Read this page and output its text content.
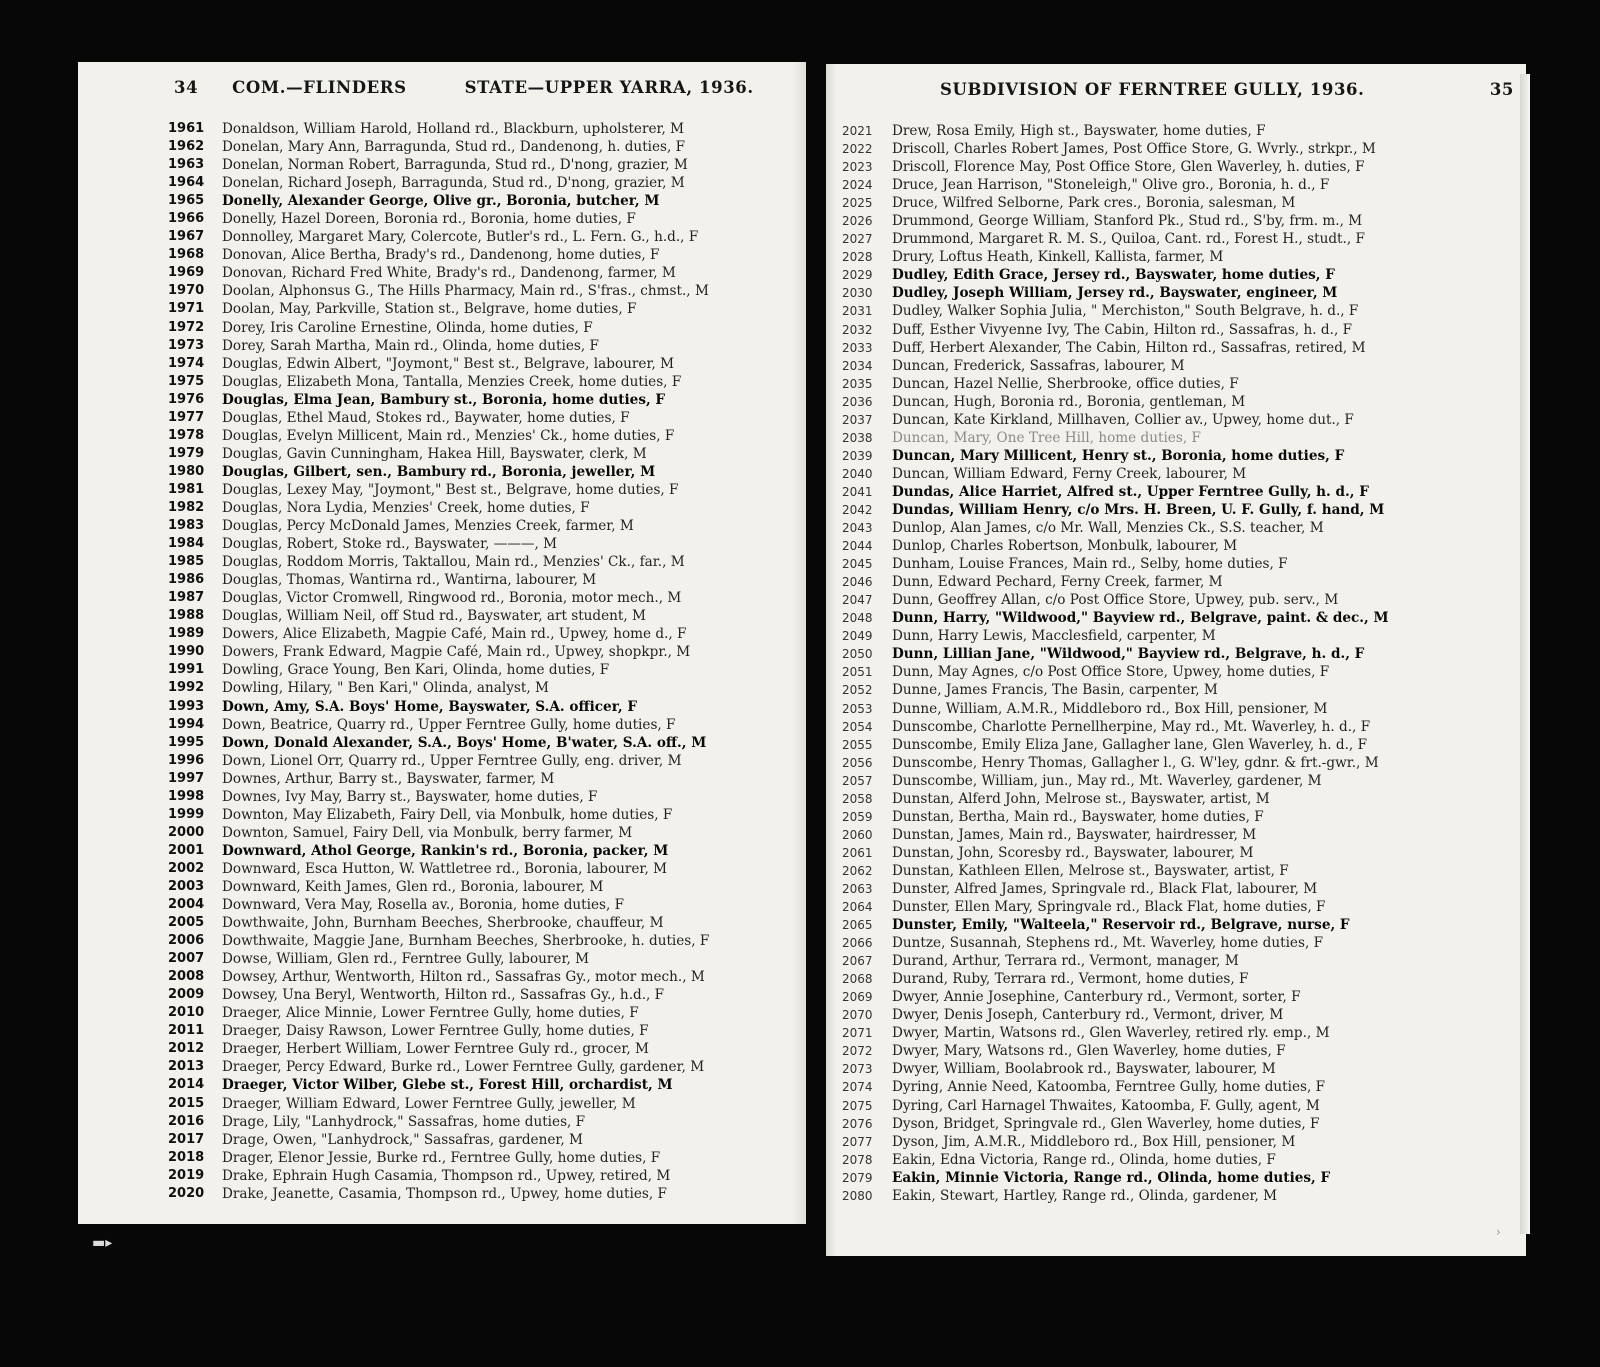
34 COM.—FLINDERS	STATE—UPPER YARRA, 1936.
1961	Donaldson, William Harold, Holland rd., Blackburn, upholsterer, M
1962	Donelan, Mary Ann, Barragunda, Stud rd., Dandenong, h. duties, F
1963	Donelan, Norman Robert, Barragunda, Stud rd., D'nong, grazier, M
1964	Donelan, Richard Joseph, Barragunda, Stud rd., D'nong, grazier, M
1965	Donelly, Alexander George, Olive gr., Boronia, butcher, M
1966	Donelly, Hazel Doreen, Boronia rd., Boronia, home duties, F
1967	Donnolley, Margaret Mary, Colercote, Butler's rd., L. Fern. G., h.d., F
1968	Donovan, Alice Bertha, Brady's rd., Dandenong, home duties, F
1969	Donovan, Richard Fred White, Brady's rd., Dandenong, farmer, M
1970	Doolan, Alphonsus G., The Hills Pharmacy, Main rd., S'fras., chmst., M
1971	Doolan, May, Parkville, Station st., Belgrave, home duties, F
1972	Dorey, Iris Caroline Ernestine, Olinda, home duties, F
1973	Dorey, Sarah Martha, Main rd., Olinda, home duties, F
1974	Douglas, Edwin Albert, "Joymont," Best st., Belgrave, labourer, M
1975	Douglas, Elizabeth Mona, Tantalla, Menzies Creek, home duties, F
1976	Douglas, Elma Jean, Bambury st., Boronia, home duties, F
1977	Douglas, Ethel Maud, Stokes rd., Baywater, home duties, F
1978	Douglas, Evelyn Millicent, Main rd., Menzies' Ck., home duties, F
1979	Douglas, Gavin Cunningham, Hakea Hill, Bayswater, clerk, M
1980	Douglas, Gilbert, sen., Bambury rd., Boronia, jeweller, M
1981	Douglas, Lexey May, "Joymont," Best st., Belgrave, home duties, F
1982	Douglas, Nora Lydia, Menzies' Creek, home duties, F
1983	Douglas, Percy McDonald James, Menzies Creek, farmer, M
1984	Douglas, Robert, Stoke rd., Bayswater, ———, M
1985	Douglas, Roddom Morris, Taktallou, Main rd., Menzies' Ck., far., M
1986	Douglas, Thomas, Wantirna rd., Wantirna, labourer, M
1987	Douglas, Victor Cromwell, Ringwood rd., Boronia, motor mech., M
1988	Douglas, William Neil, off Stud rd., Bayswater, art student, M
1989	Dowers, Alice Elizabeth, Magpie Café, Main rd., Upwey, home d., F
1990	Dowers, Frank Edward, Magpie Café, Main rd., Upwey, shopkpr., M
1991	Dowling, Grace Young, Ben Kari, Olinda, home duties, F
1992	Dowling, Hilary, " Ben Kari," Olinda, analyst, M
1993	Down, Amy, S.A. Boys' Home, Bayswater, S.A. officer, F
1994	Down, Beatrice, Quarry rd., Upper Ferntree Gully, home duties, F
1995	Down, Donald Alexander, S.A., Boys' Home, B'water, S.A. off., M
1996	Down, Lionel Orr, Quarry rd., Upper Ferntree Gully, eng. driver, M
1997	Downes, Arthur, Barry st., Bayswater, farmer, M
1998	Downes, Ivy May, Barry st., Bayswater, home duties, F
1999	Downton, May Elizabeth, Fairy Dell, via Monbulk, home duties, F
2000	Downton, Samuel, Fairy Dell, via Monbulk, berry farmer, M
2001	Downward, Athol George, Rankin's rd., Boronia, packer, M
2002	Downward, Esca Hutton, W. Wattletree rd., Boronia, labourer, M
2003	Downward, Keith James, Glen rd., Boronia, labourer, M
2004	Downward, Vera May, Rosella av., Boronia, home duties, F
2005	Dowthwaite, John, Burnham Beeches, Sherbrooke, chauffeur, M
2006	Dowthwaite, Maggie Jane, Burnham Beeches, Sherbrooke, h. duties, F
2007	Dowse, William, Glen rd., Ferntree Gully, labourer, M
2008	Dowsey, Arthur, Wentworth, Hilton rd., Sassafras Gy., motor mech., M
2009	Dowsey, Una Beryl, Wentworth, Hilton rd., Sassafras Gy., h.d., F
2010	Draeger, Alice Minnie, Lower Ferntree Gully, home duties, F
2011	Draeger, Daisy Rawson, Lower Ferntree Gully, home duties, F
2012	Draeger, Herbert William, Lower Ferntree Guly rd., grocer, M
2013	Draeger, Percy Edward, Burke rd., Lower Ferntree Gully, gardener, M
2014	Draeger, Victor Wilber, Glebe st., Forest Hill, orchardist, M
2015	Draeger, William Edward, Lower Ferntree Gully, jeweller, M
2016	Drage, Lily, "Lanhydrock," Sassafras, home duties, F
2017	Drage, Owen, "Lanhydrock," Sassafras, gardener, M
2018	Drager, Elenor Jessie, Burke rd., Ferntree Gully, home duties, F
2019	Drake, Ephrain Hugh Casamia, Thompson rd., Upwey, retired, M
2020	Drake, Jeanette, Casamia, Thompson rd., Upwey, home duties, F
SUBDIVISION OF FERNTREE GULLY, 1936.	35
2021	Drew, Rosa Emily, High st., Bayswater, home duties, F
2022	Driscoll, Charles Robert James, Post Office Store, G. Wvrly., strkpr., M
2023	Driscoll, Florence May, Post Office Store, Glen Waverley, h. duties, F
2024	Druce, Jean Harrison, "Stoneleigh," Olive gro., Boronia, h. d., F
2025	Druce, Wilfred Selborne, Park cres., Boronia, salesman, M
2026	Drummond, George William, Stanford Pk., Stud rd., S'by, frm. m., M
2027	Drummond, Margaret R. M. S., Quiloa, Cant. rd., Forest H., studt., F
2028	Drury, Loftus Heath, Kinkell, Kallista, farmer, M
2029	Dudley, Edith Grace, Jersey rd., Bayswater, home duties, F
2030	Dudley, Joseph William, Jersey rd., Bayswater, engineer, M
2031	Dudley, Walker Sophia Julia, " Merchiston," South Belgrave, h. d., F
2032	Duff, Esther Vivyenne Ivy, The Cabin, Hilton rd., Sassafras, h. d., F
2033	Duff, Herbert Alexander, The Cabin, Hilton rd., Sassafras, retired, M
2034	Duncan, Frederick, Sassafras, labourer, M
2035	Duncan, Hazel Nellie, Sherbrooke, office duties, F
2036	Duncan, Hugh, Boronia rd., Boronia, gentleman, M
2037	Duncan, Kate Kirkland, Millhaven, Collier av., Upwey, home dut., F
2038	Duncan, Mary, One Tree Hill, home duties, F
2039	Duncan, Mary Millicent, Henry st., Boronia, home duties, F
2040	Duncan, William Edward, Ferny Creek, labourer, M
2041	Dundas, Alice Harriet, Alfred st., Upper Ferntree Gully, h. d., F
2042	Dundas, William Henry, c/o Mrs. H. Breen, U. F. Gully, f. hand, M
2043	Dunlop, Alan James, c/o Mr. Wall, Menzies Ck., S.S. teacher, M
2044	Dunlop, Charles Robertson, Monbulk, labourer, M
2045	Dunham, Louise Frances, Main rd., Selby, home duties, F
2046	Dunn, Edward Pechard, Ferny Creek, farmer, M
2047	Dunn, Geoffrey Allan, c/o Post Office Store, Upwey, pub. serv., M
2048	Dunn, Harry, "Wildwood," Bayview rd., Belgrave, paint. & dec., M
2049	Dunn, Harry Lewis, Macclesfield, carpenter, M
2050	Dunn, Lillian Jane, "Wildwood," Bayview rd., Belgrave, h. d., F
2051	Dunn, May Agnes, c/o Post Office Store, Upwey, home duties, F
2052	Dunne, James Francis, The Basin, carpenter, M
2053	Dunne, William, A.M.R., Middleboro rd., Box Hill, pensioner, M
2054	Dunscombe, Charlotte Pernellherpine, May rd., Mt. Waverley, h. d., F
2055	Dunscombe, Emily Eliza Jane, Gallagher lane, Glen Waverley, h. d., F
2056	Dunscombe, Henry Thomas, Gallagher l., G. W'ley, gdnr. & frt.-gwr., M
2057	Dunscombe, William, jun., May rd., Mt. Waverley, gardener, M
2058	Dunstan, Alferd John, Melrose st., Bayswater, artist, M
2059	Dunstan, Bertha, Main rd., Bayswater, home duties, F
2060	Dunstan, James, Main rd., Bayswater, hairdresser, M
2061	Dunstan, John, Scoresby rd., Bayswater, labourer, M
2062	Dunstan, Kathleen Ellen, Melrose st., Bayswater, artist, F
2063	Dunster, Alfred James, Springvale rd., Black Flat, labourer, M
2064	Dunster, Ellen Mary, Springvale rd., Black Flat, home duties, F
2065	Dunster, Emily, "Walteela," Reservoir rd., Belgrave, nurse, F
2066	Duntze, Susannah, Stephens rd., Mt. Waverley, home duties, F
2067	Durand, Arthur, Terrara rd., Vermont, manager, M
2068	Durand, Ruby, Terrara rd., Vermont, home duties, F
2069	Dwyer, Annie Josephine, Canterbury rd., Vermont, sorter, F
2070	Dwyer, Denis Joseph, Canterbury rd., Vermont, driver, M
2071	Dwyer, Martin, Watsons rd., Glen Waverley, retired rly. emp., M
2072	Dwyer, Mary, Watsons rd., Glen Waverley, home duties, F
2073	Dwyer, William, Boolabrook rd., Bayswater, labourer, M
2074	Dyring, Annie Need, Katoomba, Ferntree Gully, home duties, F
2075	Dyring, Carl Harnagel Thwaites, Katoomba, F. Gully, agent, M
2076	Dyson, Bridget, Springvale rd., Glen Waverley, home duties, F
2077	Dyson, Jim, A.M.R., Middleboro rd., Box Hill, pensioner, M
2078	Eakin, Edna Victoria, Range rd., Olinda, home duties, F
2079	Eakin, Minnie Victoria, Range rd., Olinda, home duties, F
2080	Eakin, Stewart, Hartley, Range rd., Olinda, gardener, M
▬▸
›
